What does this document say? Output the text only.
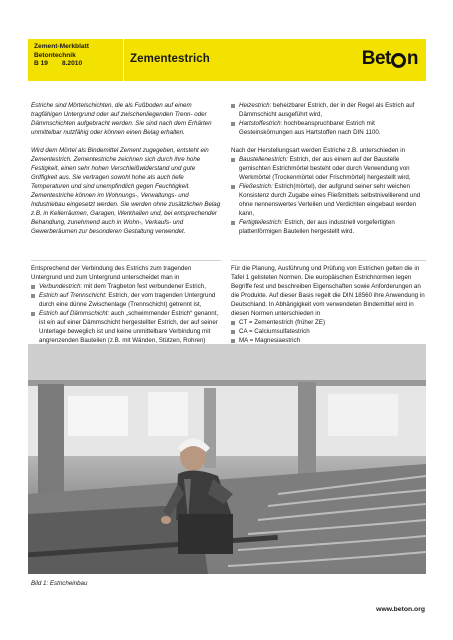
Zement-Merkblatt
Betontechnik
B 19 8.2010	Zementestrich	Bet n

Estriche sind Mörtelschichten, die als Fußboden auf einem tragfähigen Untergrund oder auf zwischenliegenden Trenn- oder Dämmschichten aufgebracht werden. Sie sind nach dem Erhärten unmittelbar nutzfähig oder können einen Belag erhalten.

Wird dem Mörtel als Bindemittel Zement zugegeben, entsteht ein Zementestrich. Zementestriche zeichnen sich durch ihre hohe Festigkeit, einen sehr hohen Verschleißwiderstand und gute Griffigkeit aus. Sie vertragen sowohl hohe als auch tiefe Temperaturen und sind unempfindlich gegen Feuchtigkeit. Zementestriche können im Wohnungs-, Verwaltungs- und Industriebau eingesetzt werden. Sie werden ohne zusätzlichen Belag z.B. in Kellerräumen, Garagen, Werkhallen und, bei entsprechender Behandlung, zunehmend auch in Wohn-, Verkaufs- und Gewerberäumen zur besonderen Gestaltung verwendet.

Entsprechend der Verbindung des Estrichs zum tragenden Untergrund und zum Untergrund unterscheidet man in

Verbundestrich: mit dem Tragbeton fest verbundener Estrich,
Estrich auf Trennschicht: Estrich, der vom tragenden Untergrund durch eine dünne Zwischenlage (Trennschicht) getrennt ist,
Estrich auf Dämmschicht: auch „schwimmender Estrich“ genannt, ist ein auf einer Dämmschicht hergestellter Estrich, der auf seiner Unterlage beweglich ist und keine unmittelbare Verbindung mit angrenzenden Bauteilen (z.B. mit Wänden, Stützen, Rohren)
Heizestrich: beheizbarer Estrich, der in der Regel als Estrich auf Dämmschicht ausgeführt wird,
Hartstoffestrich: hochbeanspruchbarer Estrich mit Gesteinskörnungen aus Hartstoffen nach DIN 1100.

Nach der Herstellungsart werden Estriche z.B. unterschieden in

Baustellenestrich: Estrich, der aus einem auf der Baustelle gemischten Estrichmörtel besteht oder durch Verwendung von Werkmörtel (Trockenmörtel oder Frischmörtel) hergestellt wird,
Fließestrich: Estrich(mörtel), der aufgrund seiner sehr weichen Konsistenz durch Zugabe eines Fließmittels selbstnivellierend und ohne nennenswertes Verteilen und Verdichten eingebaut werden kann,
Fertigteilestrich: Estrich, der aus industriell vorgefertigten plattenförmigen Bauteilen hergestellt wird.

Für die Planung, Ausführung und Prüfung von Estrichen gelten die in Tafel 1 gelisteten Normen. Die europäischen Estrichnormen legen Begriffe fest und beschreiben Eigenschaften sowie Anforderungen an die Produkte. Auf dieser Basis regelt die DIN 18560 ihre Anwendung in Deutschland. In Abhängigkeit vom verwendeten Bindemittel wird in diesen Normen unterschieden in

CT = Zementestrich (früher ZE)
CA = Calciumsulfatestrich
MA = Magnesiaestrich
Bild 1: Estricheinbau
www.beton.org
